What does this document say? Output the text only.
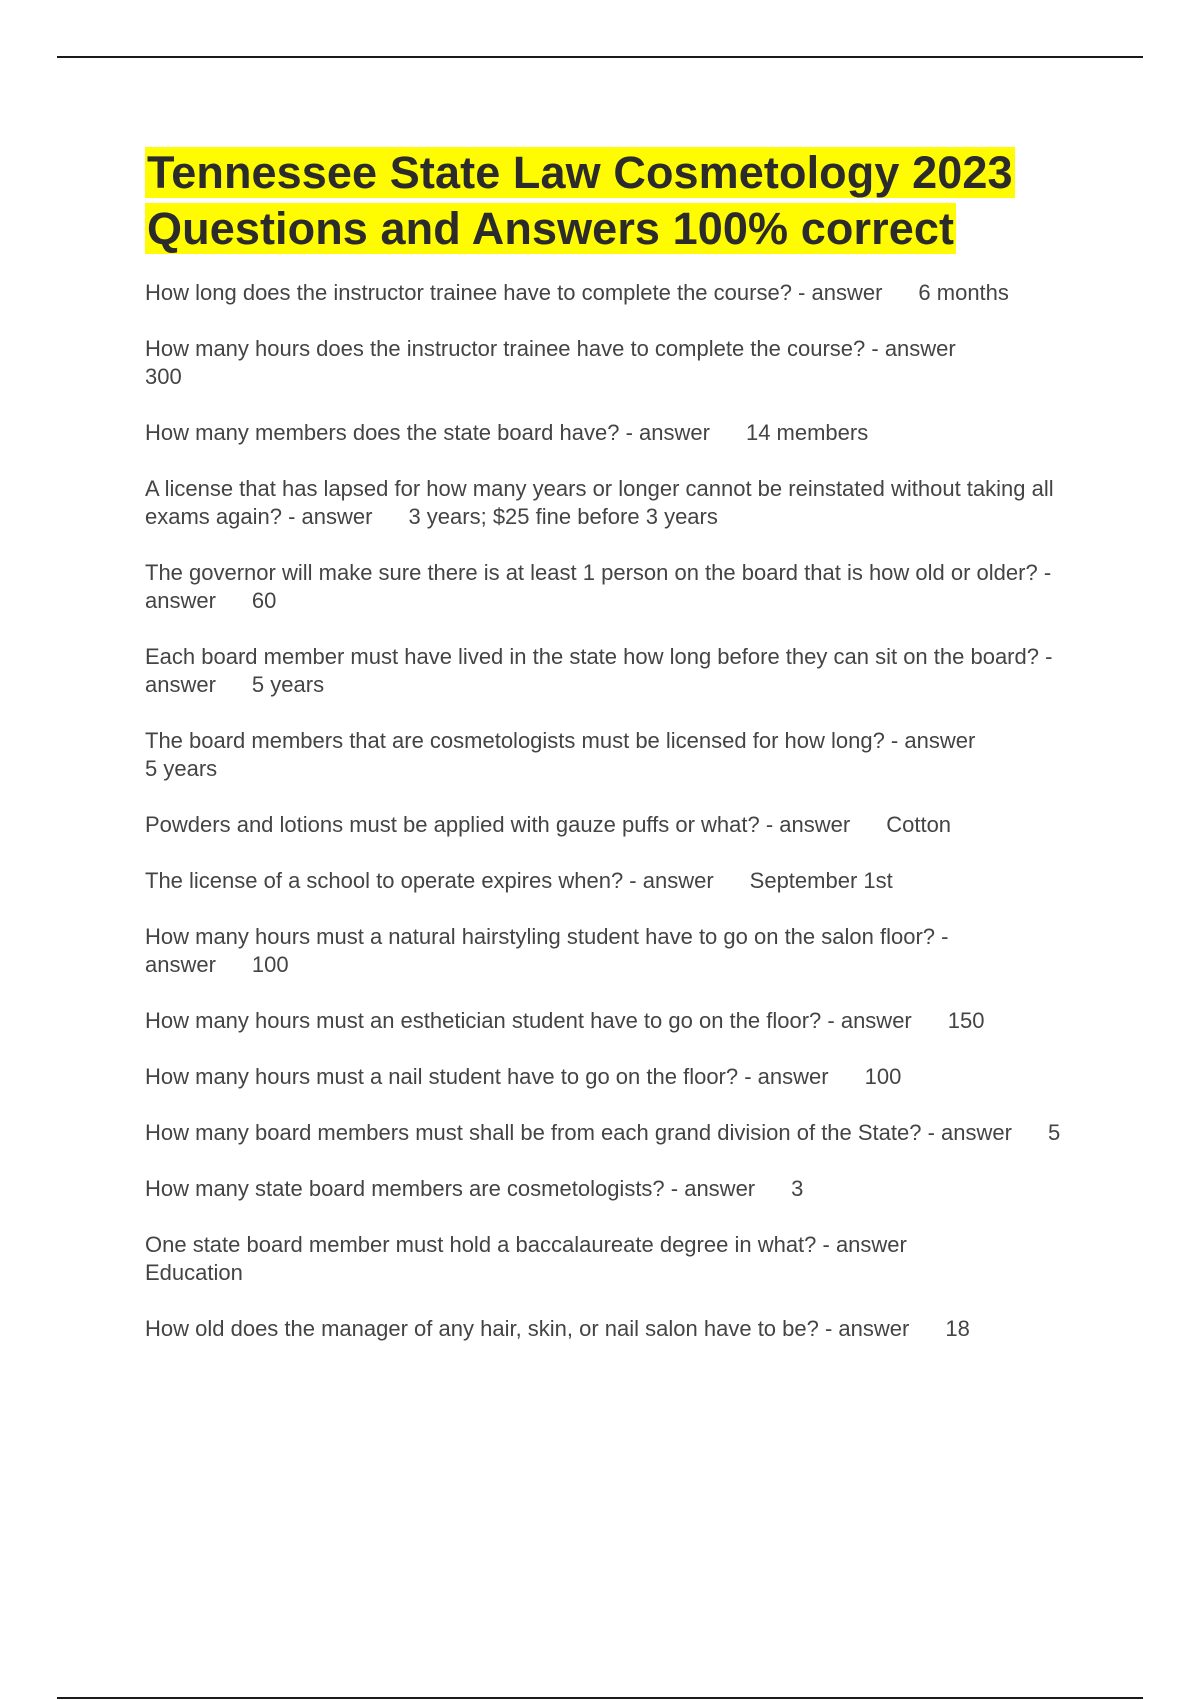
Tennessee State Law Cosmetology 2023 Questions and Answers 100% correct
How long does the instructor trainee have to complete the course? - answer 6 months
How many hours does the instructor trainee have to complete the course? - answer
300
How many members does the state board have? - answer 14 members
A license that has lapsed for how many years or longer cannot be reinstated without taking all exams again? - answer 3 years; $25 fine before 3 years
The governor will make sure there is at least 1 person on the board that is how old or older? - answer 60
Each board member must have lived in the state how long before they can sit on the board? - answer 5 years
The board members that are cosmetologists must be licensed for how long? - answer
5 years
Powders and lotions must be applied with gauze puffs or what? - answer Cotton
The license of a school to operate expires when? - answer September 1st
How many hours must a natural hairstyling student have to go on the salon floor? - answer 100
How many hours must an esthetician student have to go on the floor? - answer 150
How many hours must a nail student have to go on the floor? - answer 100
How many board members must shall be from each grand division of the State? - answer 5
How many state board members are cosmetologists? - answer 3
One state board member must hold a baccalaureate degree in what? - answer
Education
How old does the manager of any hair, skin, or nail salon have to be? - answer 18
